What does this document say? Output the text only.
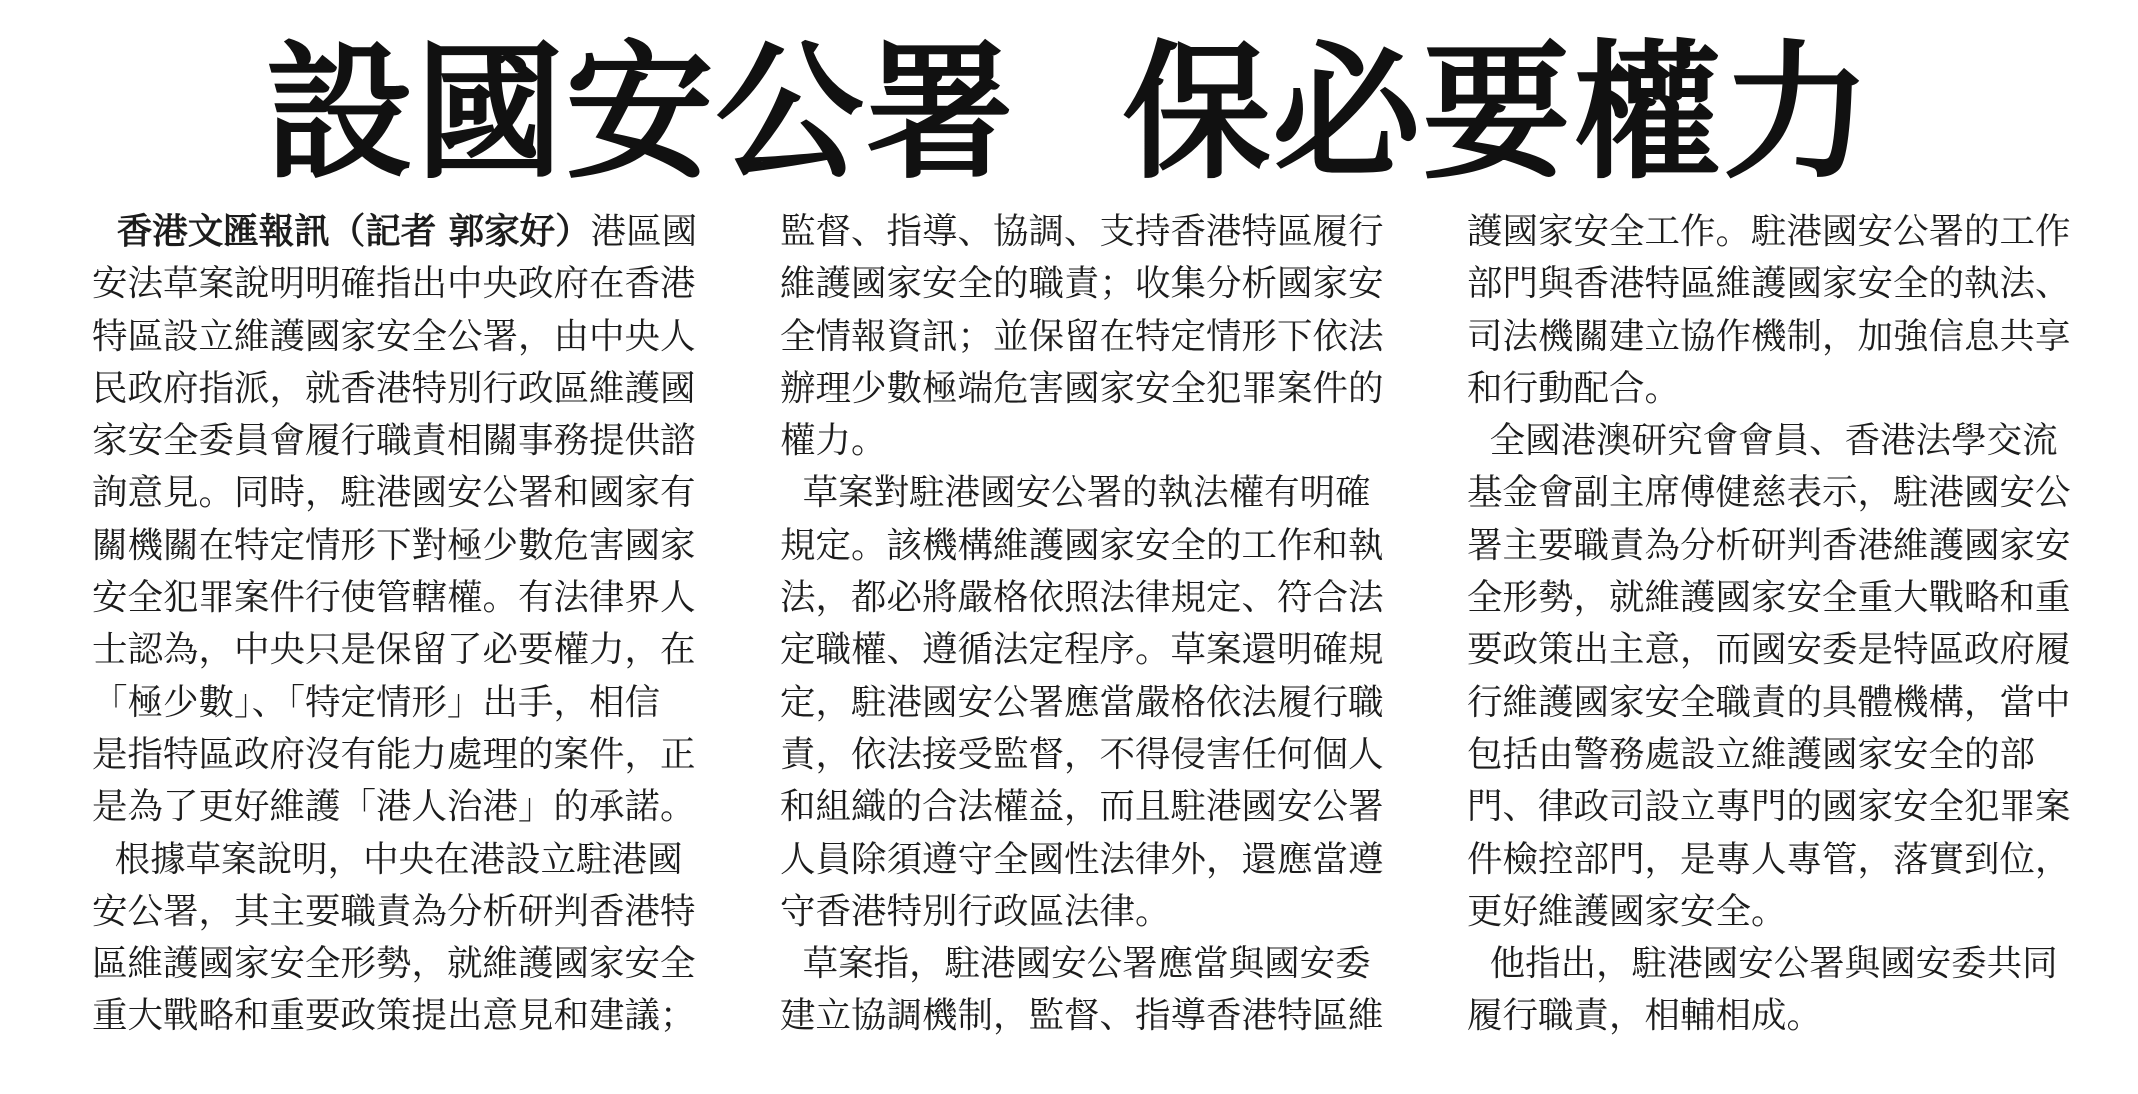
設國安公署  保必要權力
香港文匯報訊（記者 郭家好）港區國
安法草案說明明確指出中央政府在香港
特區設立維護國家安全公署，由中央人
民政府指派，就香港特別行政區維護國
家安全委員會履行職責相關事務提供諮
詢意見。同時，駐港國安公署和國家有
關機關在特定情形下對極少數危害國家
安全犯罪案件行使管轄權。有法律界人
士認為，中央只是保留了必要權力，在
「極少數」、「特定情形」出手，相信
是指特區政府沒有能力處理的案件，正
是為了更好維護「港人治港」的承諾。
根據草案說明，中央在港設立駐港國
安公署，其主要職責為分析研判香港特
區維護國家安全形勢，就維護國家安全
重大戰略和重要政策提出意見和建議；
監督、指導、協調、支持香港特區履行
維護國家安全的職責；收集分析國家安
全情報資訊；並保留在特定情形下依法
辦理少數極端危害國家安全犯罪案件的
權力。
草案對駐港國安公署的執法權有明確
規定。該機構維護國家安全的工作和執
法，都必將嚴格依照法律規定、符合法
定職權、遵循法定程序。草案還明確規
定，駐港國安公署應當嚴格依法履行職
責，依法接受監督，不得侵害任何個人
和組織的合法權益，而且駐港國安公署
人員除須遵守全國性法律外，還應當遵
守香港特別行政區法律。
草案指，駐港國安公署應當與國安委
建立協調機制，監督、指導香港特區維
護國家安全工作。駐港國安公署的工作
部門與香港特區維護國家安全的執法、
司法機關建立協作機制，加強信息共享
和行動配合。
全國港澳研究會會員、香港法學交流
基金會副主席傅健慈表示，駐港國安公
署主要職責為分析研判香港維護國家安
全形勢，就維護國家安全重大戰略和重
要政策出主意，而國安委是特區政府履
行維護國家安全職責的具體機構，當中
包括由警務處設立維護國家安全的部
門、律政司設立專門的國家安全犯罪案
件檢控部門，是專人專管，落實到位，
更好維護國家安全。
他指出，駐港國安公署與國安委共同
履行職責，相輔相成。
